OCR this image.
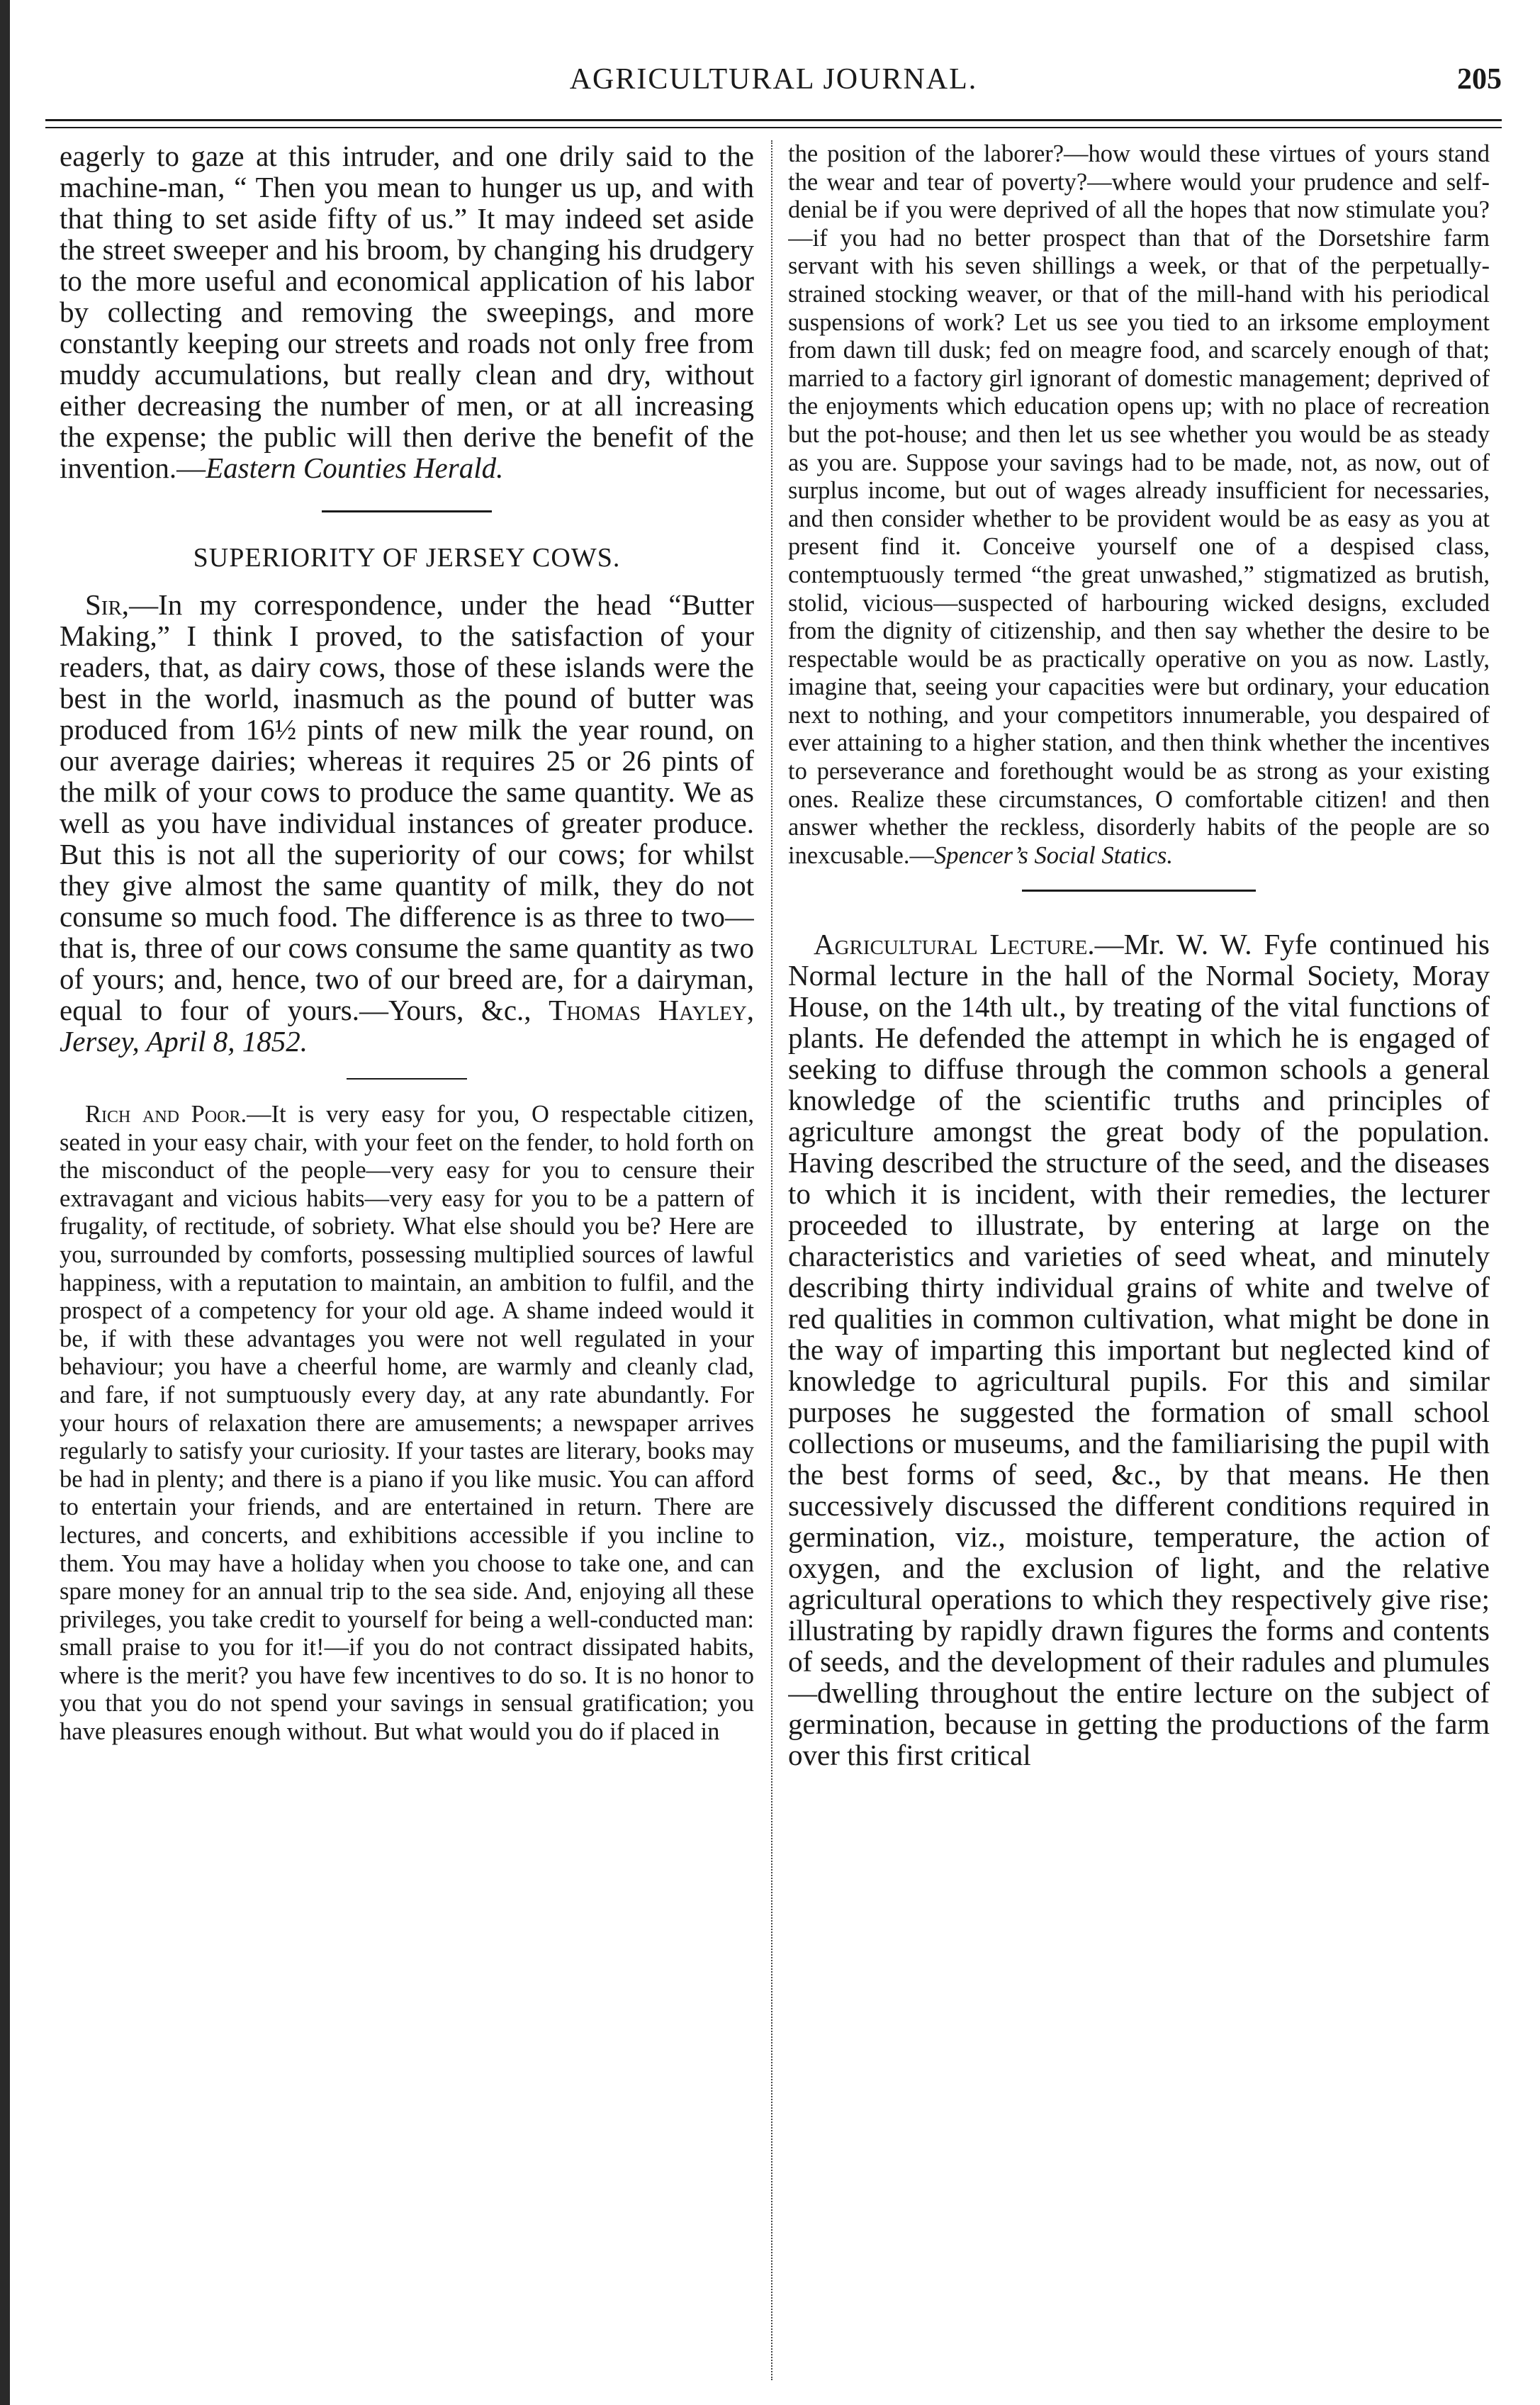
AGRICULTURAL JOURNAL.	205

eagerly to gaze at this intruder, and one drily said to the machine-man, “ Then you mean to hunger us up, and with that thing to set aside fifty of us.” It may indeed set aside the street sweeper and his broom, by changing his drudgery to the more useful and economical application of his labor by collecting and removing the sweepings, and more constantly keeping our streets and roads not only free from muddy accumulations, but really clean and dry, without either decreasing the number of men, or at all increasing the expense; the public will then derive the benefit of the invention.—Eastern Counties Herald.

SUPERIORITY OF JERSEY COWS.

Sir,—In my correspondence, under the head “Butter Making,” I think I proved, to the satisfaction of your readers, that, as dairy cows, those of these islands were the best in the world, inasmuch as the pound of butter was produced from 16½ pints of new milk the year round, on our average dairies; whereas it requires 25 or 26 pints of the milk of your cows to produce the same quantity. We as well as you have individual instances of greater produce. But this is not all the superiority of our cows; for whilst they give almost the same quantity of milk, they do not consume so much food. The difference is as three to two—that is, three of our cows consume the same quantity as two of yours; and, hence, two of our breed are, for a dairyman, equal to four of yours.—Yours, &c., Thomas Hayley, Jersey, April 8, 1852.

Rich and Poor.—It is very easy for you, O respectable citizen, seated in your easy chair, with your feet on the fender, to hold forth on the misconduct of the people—very easy for you to censure their extravagant and vicious habits—very easy for you to be a pattern of frugality, of rectitude, of sobriety. What else should you be? Here are you, surrounded by comforts, possessing multiplied sources of lawful happiness, with a reputation to maintain, an ambition to fulfil, and the prospect of a competency for your old age. A shame indeed would it be, if with these advantages you were not well regulated in your behaviour; you have a cheerful home, are warmly and cleanly clad, and fare, if not sumptuously every day, at any rate abundantly. For your hours of relaxation there are amusements; a newspaper arrives regularly to satisfy your curiosity. If your tastes are literary, books may be had in plenty; and there is a piano if you like music. You can afford to entertain your friends, and are entertained in return. There are lectures, and concerts, and exhibitions accessible if you incline to them. You may have a holiday when you choose to take one, and can spare money for an annual trip to the sea side. And, enjoying all these privileges, you take credit to yourself for being a well-conducted man: small praise to you for it!—if you do not contract dissipated habits, where is the merit? you have few incentives to do so. It is no honor to you that you do not spend your savings in sensual gratification; you have pleasures enough without. But what would you do if placed in

the position of the laborer?—how would these virtues of yours stand the wear and tear of poverty?—where would your prudence and self-denial be if you were deprived of all the hopes that now stimulate you?—if you had no better prospect than that of the Dorsetshire farm servant with his seven shillings a week, or that of the perpetually-strained stocking weaver, or that of the mill-hand with his periodical suspensions of work? Let us see you tied to an irksome employment from dawn till dusk; fed on meagre food, and scarcely enough of that; married to a factory girl ignorant of domestic management; deprived of the enjoyments which education opens up; with no place of recreation but the pot-house; and then let us see whether you would be as steady as you are. Suppose your savings had to be made, not, as now, out of surplus income, but out of wages already insufficient for necessaries, and then consider whether to be provident would be as easy as you at present find it. Conceive yourself one of a despised class, contemptuously termed “the great unwashed,” stigmatized as brutish, stolid, vicious—suspected of harbouring wicked designs, excluded from the dignity of citizenship, and then say whether the desire to be respectable would be as practically operative on you as now. Lastly, imagine that, seeing your capacities were but ordinary, your education next to nothing, and your competitors innumerable, you despaired of ever attaining to a higher station, and then think whether the incentives to perseverance and forethought would be as strong as your existing ones. Realize these circumstances, O comfortable citizen! and then answer whether the reckless, disorderly habits of the people are so inexcusable.—Spencer’s Social Statics.

Agricultural Lecture.—Mr. W. W. Fyfe continued his Normal lecture in the hall of the Normal Society, Moray House, on the 14th ult., by treating of the vital functions of plants. He defended the attempt in which he is engaged of seeking to diffuse through the common schools a general knowledge of the scientific truths and principles of agriculture amongst the great body of the population. Having described the structure of the seed, and the diseases to which it is incident, with their remedies, the lecturer proceeded to illustrate, by entering at large on the characteristics and varieties of seed wheat, and minutely describing thirty individual grains of white and twelve of red qualities in common cultivation, what might be done in the way of imparting this important but neglected kind of knowledge to agricultural pupils. For this and similar purposes he suggested the formation of small school collections or museums, and the familiarising the pupil with the best forms of seed, &c., by that means. He then successively discussed the different conditions required in germination, viz., moisture, temperature, the action of oxygen, and the exclusion of light, and the relative agricultural operations to which they respectively give rise; illustrating by rapidly drawn figures the forms and contents of seeds, and the development of their radules and plumules—dwelling throughout the entire lecture on the subject of germination, because in getting the productions of the farm over this first critical
